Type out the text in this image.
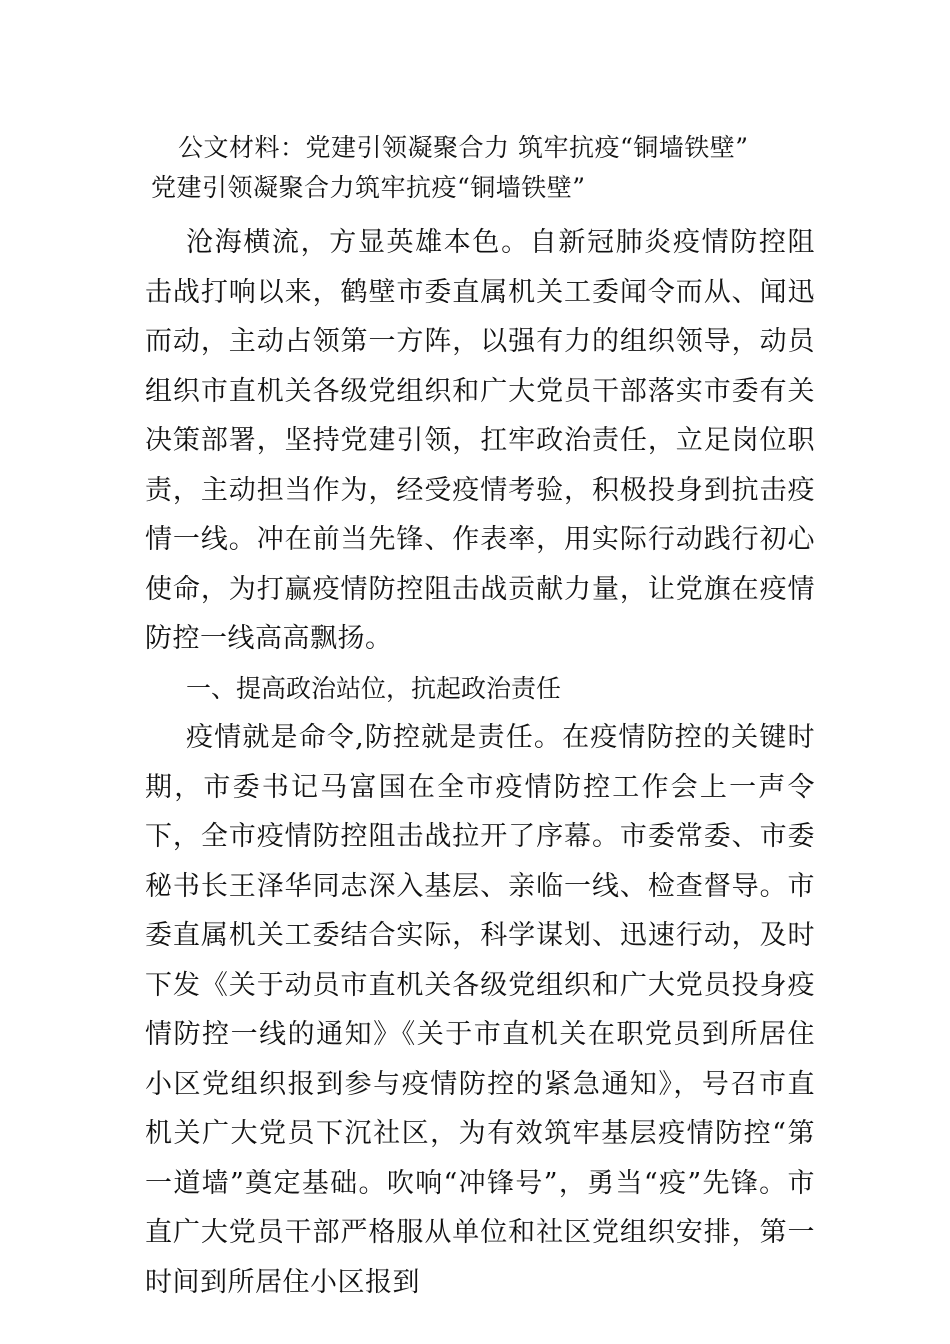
公文材料：党建引领凝聚合力 筑牢抗疫“铜墙铁壁”
党建引领凝聚合力筑牢抗疫“铜墙铁壁”

沧海横流，方显英雄本色。自新冠肺炎疫情防控阻击战打响以来，鹤壁市委直属机关工委闻令而从、闻迅而动，主动占领第一方阵，以强有力的组织领导，动员组织市直机关各级党组织和广大党员干部落实市委有关决策部署，坚持党建引领，扛牢政治责任，立足岗位职责，主动担当作为，经受疫情考验，积极投身到抗击疫情一线。冲在前当先锋、作表率，用实际行动践行初心使命，为打赢疫情防控阻击战贡献力量，让党旗在疫情防控一线高高飘扬。

一、提高政治站位，抗起政治责任

疫情就是命令,防控就是责任。在疫情防控的关键时期，市委书记马富国在全市疫情防控工作会上一声令下，全市疫情防控阻击战拉开了序幕。市委常委、市委秘书长王泽华同志深入基层、亲临一线、检查督导。市委直属机关工委结合实际，科学谋划、迅速行动，及时下发《关于动员市直机关各级党组织和广大党员投身疫情防控一线的通知》《关于市直机关在职党员到所居住小区党组织报到参与疫情防控的紧急通知》，号召市直机关广大党员下沉社区，为有效筑牢基层疫情防控“第一道墙”奠定基础。吹响“冲锋号”，勇当“疫”先锋。市直广大党员干部严格服从单位和社区党组织安排，第一时间到所居住小区报到
